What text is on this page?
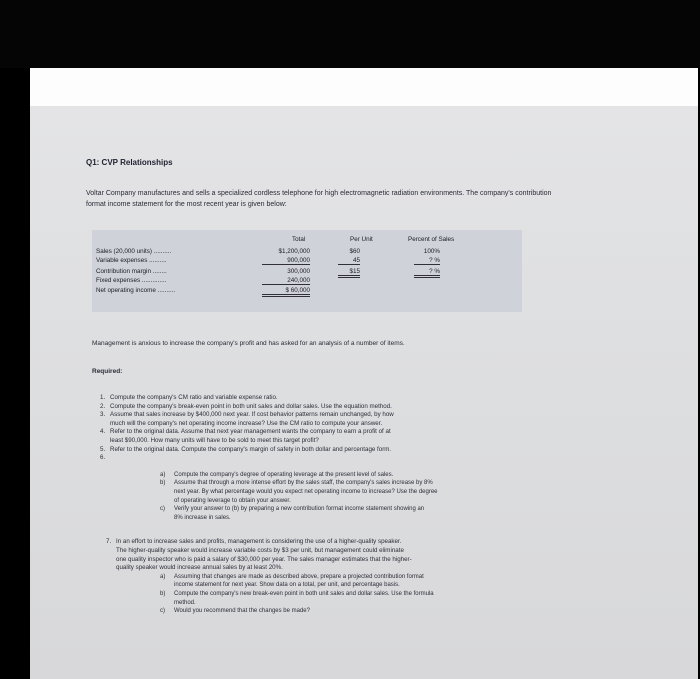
Q1: CVP Relationships
Voltar Company manufactures and sells a specialized cordless telephone for high electromagnetic radiation environments. The company's contribution format income statement for the most recent year is given below:
Total	Per Unit	Percent of Sales
Sales (20,000 units) ..........	$1,200,000	$60	100%
Variable expenses ..........	900,000	45	? %
Contribution margin ........	300,000	$15	? %
Fixed expenses ..............	240,000
Net operating income ..........	$ 60,000
Management is anxious to increase the company's profit and has asked for an analysis of a number of items.
Required:
1. Compute the company's CM ratio and variable expense ratio.
2. Compute the company's break-even point in both unit sales and dollar sales. Use the equation method.
3. Assume that sales increase by $400,000 next year. If cost behavior patterns remain unchanged, by how
much will the company's net operating income increase? Use the CM ratio to compute your answer.
4. Refer to the original data. Assume that next year management wants the company to earn a profit of at
least $90,000. How many units will have to be sold to meet this target profit?
5. Refer to the original data. Compute the company's margin of safety in both dollar and percentage form.
6.
a) Compute the company's degree of operating leverage at the present level of sales.
b) Assume that through a more intense effort by the sales staff, the company's sales increase by 8%
next year. By what percentage would you expect net operating income to increase? Use the degree
of operating leverage to obtain your answer.
c) Verify your answer to (b) by preparing a new contribution format income statement showing an
8% increase in sales.
7. In an effort to increase sales and profits, management is considering the use of a higher-quality speaker.
The higher-quality speaker would increase variable costs by $3 per unit, but management could eliminate
one quality inspector who is paid a salary of $30,000 per year. The sales manager estimates that the higher-
quality speaker would increase annual sales by at least 20%.
a) Assuming that changes are made as described above, prepare a projected contribution format
income statement for next year. Show data on a total, per unit, and percentage basis.
b) Compute the company's new break-even point in both unit sales and dollar sales. Use the formula
method.
c) Would you recommend that the changes be made?
